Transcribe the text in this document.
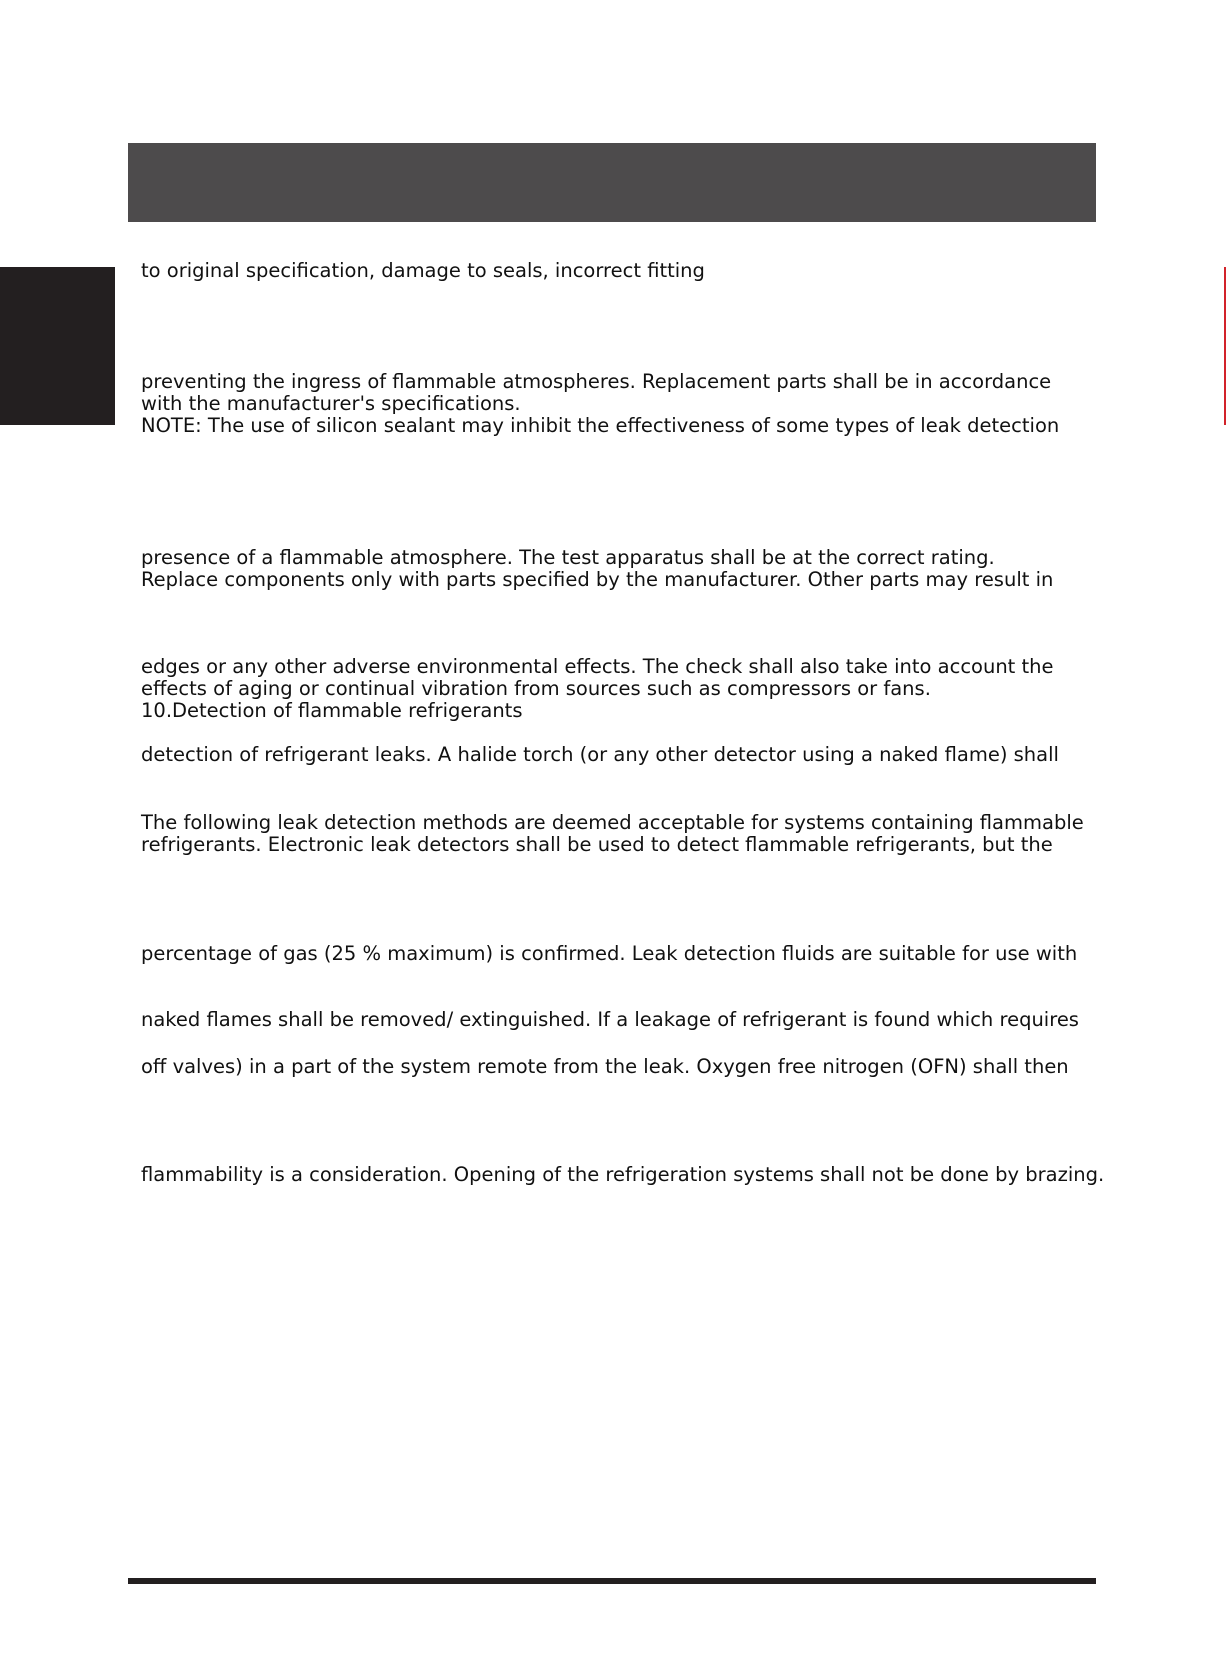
to original specification, damage to seals, incorrect fitting

preventing the ingress of flammable atmospheres. Replacement parts shall be in accordance

with the manufacturer's specifications.

NOTE: The use of silicon sealant may inhibit the effectiveness of some types of leak detection

presence of a flammable atmosphere. The test apparatus shall be at the correct rating.

Replace components only with parts specified by the manufacturer. Other parts may result in

edges or any other adverse environmental effects. The check shall also take into account the

effects of aging or continual vibration from sources such as compressors or fans.

10.Detection of flammable refrigerants

detection of refrigerant leaks. A halide torch (or any other detector using a naked flame) shall

The following leak detection methods are deemed acceptable for systems containing flammable

refrigerants. Electronic leak detectors shall be used to detect flammable refrigerants, but the

percentage of gas (25 % maximum) is confirmed. Leak detection fluids are suitable for use with

naked flames shall be removed/ extinguished. If a leakage of refrigerant is found which requires

off valves) in a part of the system remote from the leak. Oxygen free nitrogen (OFN) shall then

flammability is a consideration. Opening of the refrigeration systems shall not be done by brazing.
